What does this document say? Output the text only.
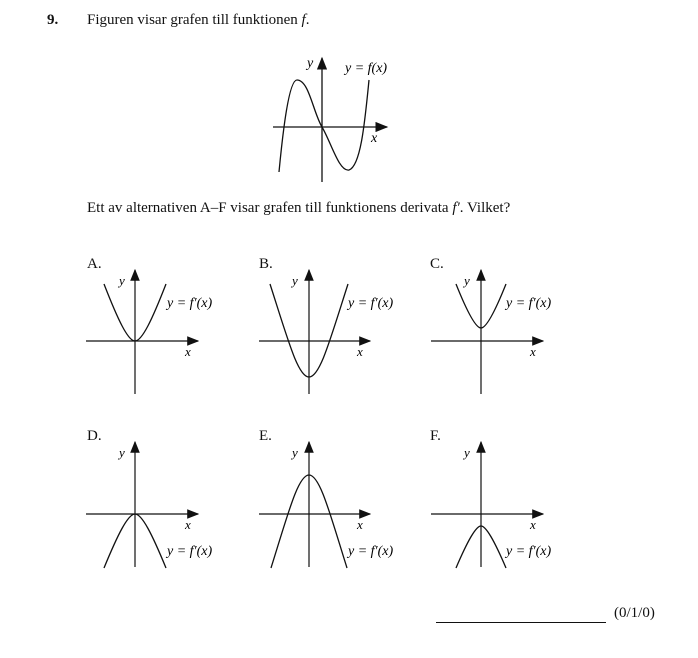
9. Figuren visar grafen till funktionen f.
y
x
y = f(x)
Ett av alternativen A–F visar grafen till funktionens derivata f′. Vilket?
A.	B.	C.
D.	E.	F.
y
x
y = f′(x)
y
x
y = f′(x)
y
x
y = f′(x)
y
x
y = f′(x)
y
x
y = f′(x)
y
x
y = f′(x)
(0/1/0)
